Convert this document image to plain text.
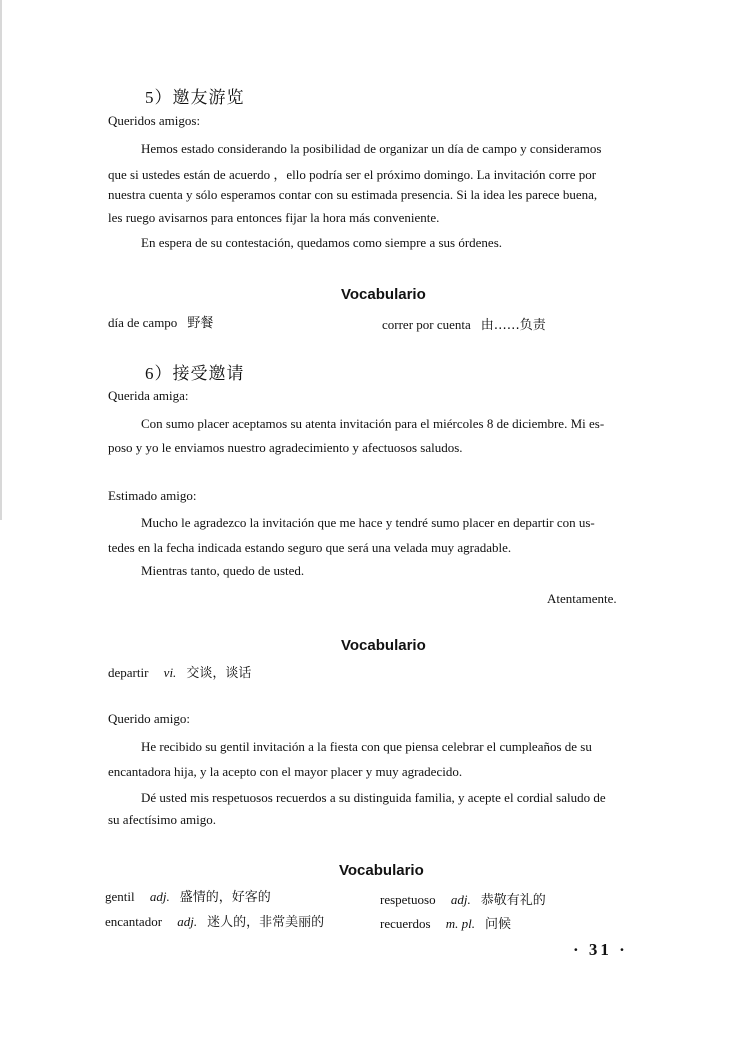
5）邀友游览
Queridos amigos:
Hemos estado considerando la posibilidad de organizar un día de campo y consideramos
que si ustedes están de acuerdo ，ello podría ser el próximo domingo. La invitación corre por
nuestra cuenta y sólo esperamos contar con su estimada presencia. Si la idea les parece buena,
les ruego avisarnos para entonces fijar la hora más conveniente.
En espera de su contestación, quedamos como siempre a sus órdenes.
Vocabulario
día de campo 野餐	correr por cuenta 由……负责
6）接受邀请
Querida amiga:
Con sumo placer aceptamos su atenta invitación para el miércoles 8 de diciembre. Mi es-
poso y yo le enviamos nuestro agradecimiento y afectuosos saludos.
Estimado amigo:
Mucho le agradezco la invitación que me hace y tendré sumo placer en departir con us-
tedes en la fecha indicada estando seguro que será una velada muy agradable.
Mientras tanto, quedo de usted.
Atentamente.
Vocabulario
departir vi. 交谈，谈话
Querido amigo:
He recibido su gentil invitación a la fiesta con que piensa celebrar el cumpleaños de su
encantadora hija, y la acepto con el mayor placer y muy agradecido.
Dé usted mis respetuosos recuerdos a su distinguida familia, y acepte el cordial saludo de
su afectísimo amigo.
Vocabulario
gentil adj. 盛情的，好客的	respetuoso adj. 恭敬有礼的
encantador adj. 迷人的，非常美丽的	recuerdos m. pl. 问候
· 31 ·
